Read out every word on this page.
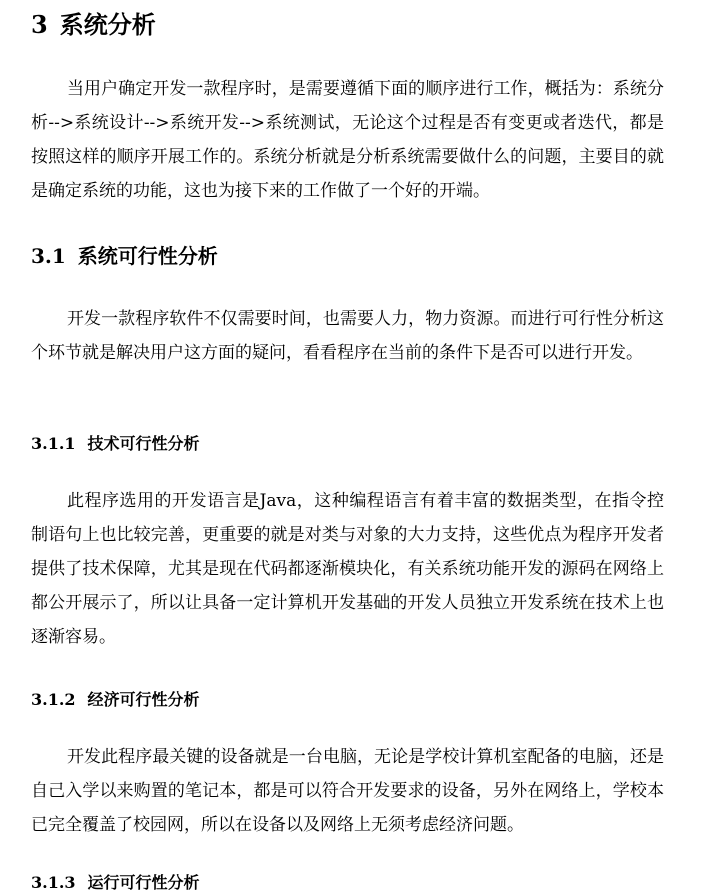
3 系统分析

当用户确定开发一款程序时，是需要遵循下面的顺序进行工作，概括为：系统分析-->系统设计-->系统开发-->系统测试，无论这个过程是否有变更或者迭代，都是按照这样的顺序开展工作的。系统分析就是分析系统需要做什么的问题，主要目的就是确定系统的功能，这也为接下来的工作做了一个好的开端。

3.1 系统可行性分析

开发一款程序软件不仅需要时间，也需要人力，物力资源。而进行可行性分析这个环节就是解决用户这方面的疑问，看看程序在当前的条件下是否可以进行开发。

3.1.1 技术可行性分析

此程序选用的开发语言是Java，这种编程语言有着丰富的数据类型，在指令控制语句上也比较完善，更重要的就是对类与对象的大力支持，这些优点为程序开发者提供了技术保障，尤其是现在代码都逐渐模块化，有关系统功能开发的源码在网络上都公开展示了，所以让具备一定计算机开发基础的开发人员独立开发系统在技术上也逐渐容易。

3.1.2 经济可行性分析

开发此程序最关键的设备就是一台电脑，无论是学校计算机室配备的电脑，还是自己入学以来购置的笔记本，都是可以符合开发要求的设备，另外在网络上，学校本已完全覆盖了校园网，所以在设备以及网络上无须考虑经济问题。

3.1.3 运行可行性分析
